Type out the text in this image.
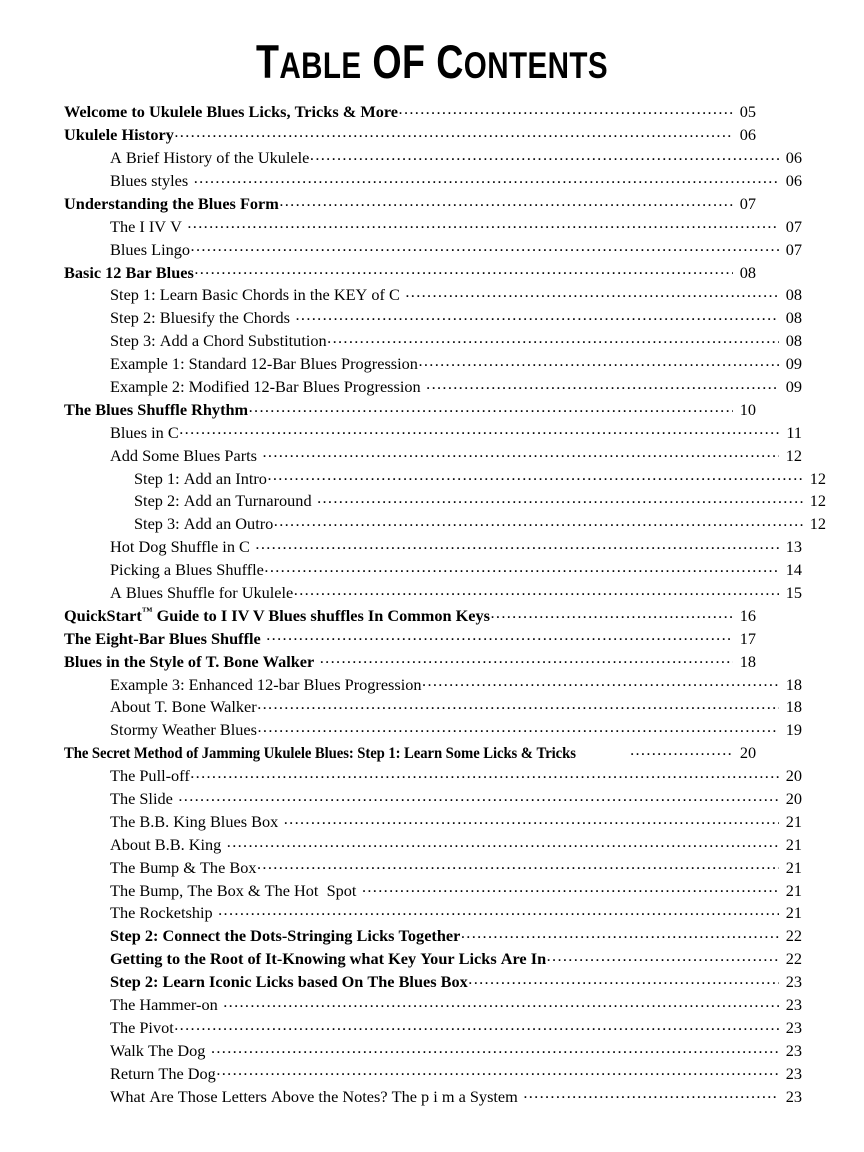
TABLE OF CONTENTS
Welcome to Ukulele Blues Licks, Tricks & More .....	05
Ukulele History .....	06
A Brief History of the Ukulele .....	06
Blues styles .....	06
Understanding the Blues Form .....	07
The I IV V .....	07
Blues Lingo .....	07
Basic 12 Bar Blues .....	08
Step 1: Learn Basic Chords in the KEY of C .....	08
Step 2: Bluesify the Chords .....	08
Step 3: Add a Chord Substitution .....	08
Example 1: Standard 12-Bar Blues Progression .....	09
Example 2: Modified 12-Bar Blues Progression .....	09
The Blues Shuffle Rhythm .....	10
Blues in C .....	11
Add Some Blues Parts .....	12
Step 1: Add an Intro .....	12
Step 2: Add an Turnaround .....	12
Step 3: Add an Outro .....	12
Hot Dog Shuffle in C .....	13
Picking a Blues Shuffle .....	14
A Blues Shuffle for Ukulele .....	15
QuickStart™ Guide to I IV V Blues shuffles In Common Keys .....	16
The Eight-Bar Blues Shuffle .....	17
Blues in the Style of T. Bone Walker .....	18
Example 3: Enhanced 12-bar Blues Progression .....	18
About T. Bone Walker .....	18
Stormy Weather Blues .....	19
The Secret Method of Jamming Ukulele Blues: Step 1: Learn Some Licks & Tricks .....	20
The Pull-off .....	20
The Slide .....	20
The B.B. King Blues Box .....	21
About B.B. King .....	21
The Bump & The Box .....	21
The Bump, The Box & The Hot  Spot .....	21
The Rocketship .....	21
Step 2: Connect the Dots-Stringing Licks Together .....	22
Getting to the Root of It-Knowing what Key Your Licks Are In .....	22
Step 2: Learn Iconic Licks based On The Blues Box .....	23
The Hammer-on .....	23
The Pivot .....	23
Walk The Dog .....	23
Return The Dog .....	23
What Are Those Letters Above the Notes? The p i m a System .....	23
